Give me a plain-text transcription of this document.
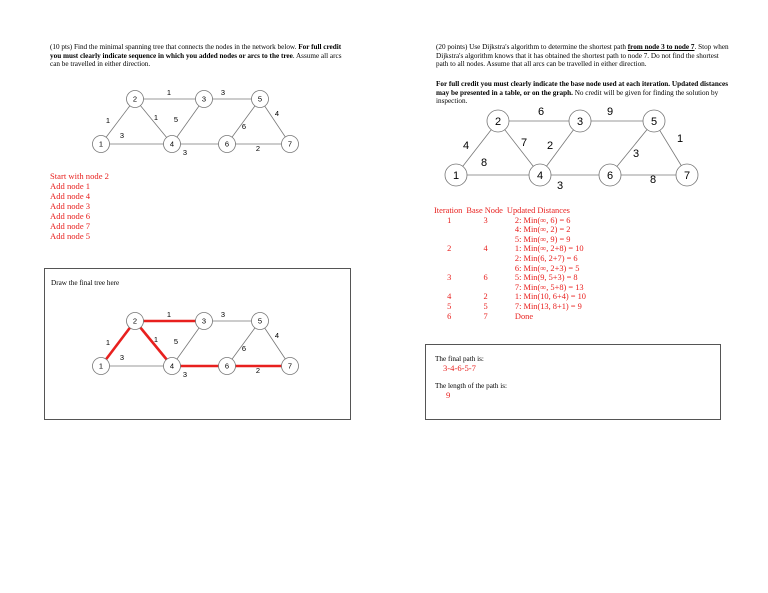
(10 pts) Find the minimal spanning tree that connects the nodes in the network below. For full credit you must clearly indicate sequence in which you added nodes or arcs to the tree. Assume all arcs can be travelled in either direction.
1
2	3
4
5
6	7
1
3
1
1 5
3
3
6
4
2
Start with node 2
Add node 1
Add node 4
Add node 3
Add node 6
Add node 7
Add node 5
Draw the final tree here
1
2	3
4
5
6	7
1
3
1
1 5
3
3
6
4
2
(20 points) Use Dijkstra's algorithm to determine the shortest path from node 3 to node 7. Stop when Dijkstra's algorithm knows that it has obtained the shortest path to node 7. Do not find the shortest path to all nodes. Assume that all arcs can be travelled in either direction.
For full credit you must clearly indicate the base node used at each iteration. Updated distances may be presented in a table, or on the graph. No credit will be given for finding the solution by inspection.
1
2	3
4
5
6	7
4
8
6
7 2
9
3
3
1
8
Iteration	Base Node	Updated Distances
1	3	2: Min(∞, 6) = 6
4: Min(∞, 2) = 2
5: Min(∞, 9) = 9

2	4	1: Min(∞, 2+8) = 10
2: Min(6, 2+7) = 6
6: Min(∞, 2+3) = 5

3	6	5: Min(9, 5+3) = 8
7: Min(∞, 5+8) = 13

4	2	1: Min(10, 6+4) = 10

5	5	7: Min(13, 8+1) = 9

6	7	Done
The final path is:
3-4-6-5-7
The length of the path is:
9
